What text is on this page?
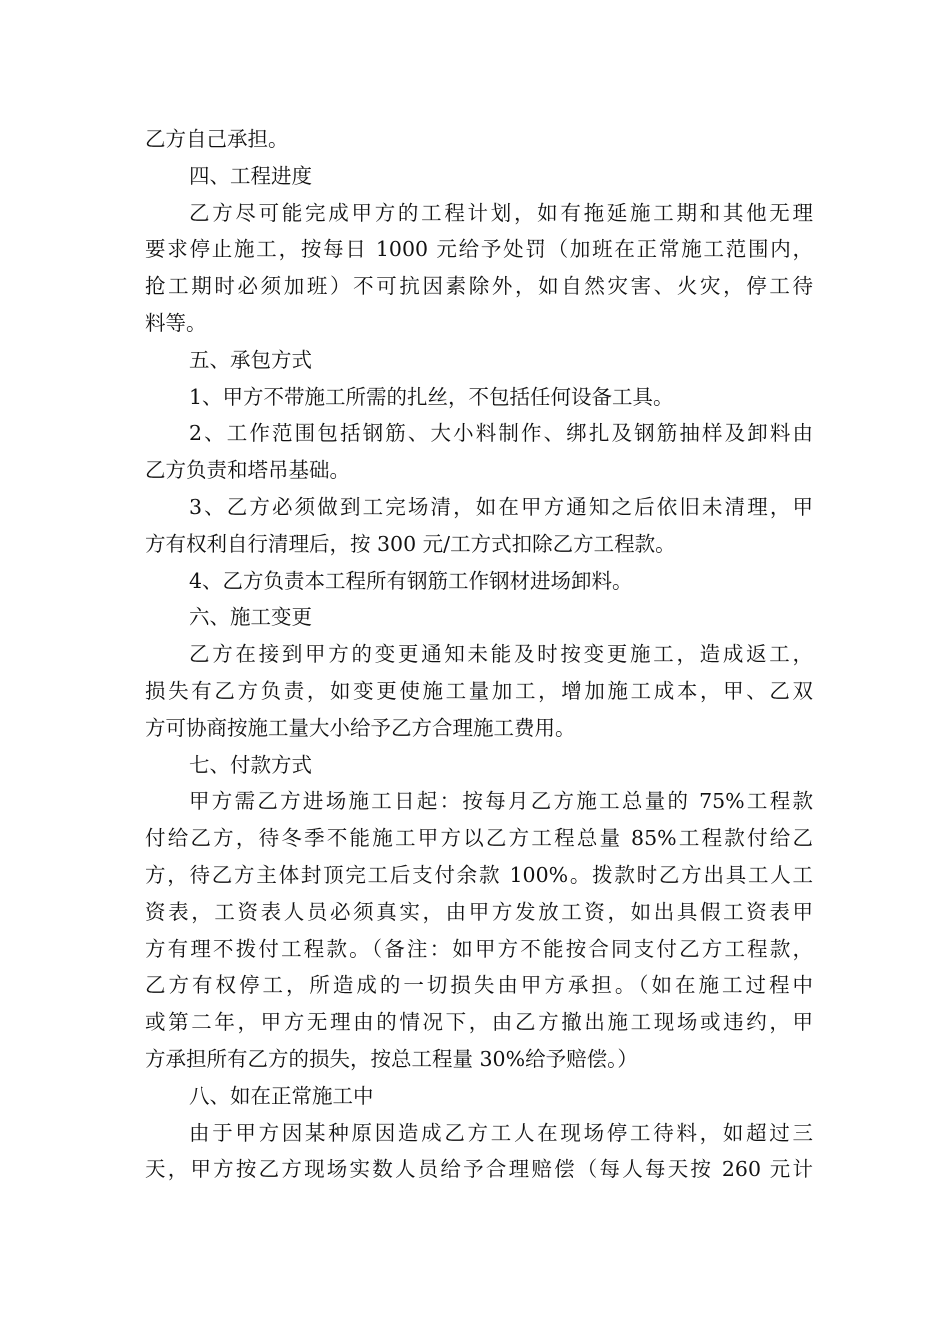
乙方自己承担。
四、工程进度
乙方尽可能完成甲方的工程计划，如有拖延施工期和其他无理
要求停止施工，按每日 1000 元给予处罚（加班在正常施工范围内，
抢工期时必须加班）不可抗因素除外，如自然灾害、火灾，停工待
料等。
五、承包方式
1、甲方不带施工所需的扎丝，不包括任何设备工具。
2、工作范围包括钢筋、大小料制作、绑扎及钢筋抽样及卸料由
乙方负责和塔吊基础。
3、乙方必须做到工完场清，如在甲方通知之后依旧未清理，甲
方有权利自行清理后，按 300 元/工方式扣除乙方工程款。
4、乙方负责本工程所有钢筋工作钢材进场卸料。
六、施工变更
乙方在接到甲方的变更通知未能及时按变更施工，造成返工，
损失有乙方负责，如变更使施工量加工，增加施工成本，甲、乙双
方可协商按施工量大小给予乙方合理施工费用。
七、付款方式
甲方需乙方进场施工日起：按每月乙方施工总量的 75%工程款
付给乙方，待冬季不能施工甲方以乙方工程总量 85%工程款付给乙
方，待乙方主体封顶完工后支付余款 100%。拨款时乙方出具工人工
资表，工资表人员必须真实，由甲方发放工资，如出具假工资表甲
方有理不拨付工程款。（备注：如甲方不能按合同支付乙方工程款，
乙方有权停工，所造成的一切损失由甲方承担。（如在施工过程中
或第二年，甲方无理由的情况下，由乙方撤出施工现场或违约，甲
方承担所有乙方的损失，按总工程量 30%给予赔偿。）
八、如在正常施工中
由于甲方因某种原因造成乙方工人在现场停工待料，如超过三
天，甲方按乙方现场实数人员给予合理赔偿（每人每天按 260 元计
